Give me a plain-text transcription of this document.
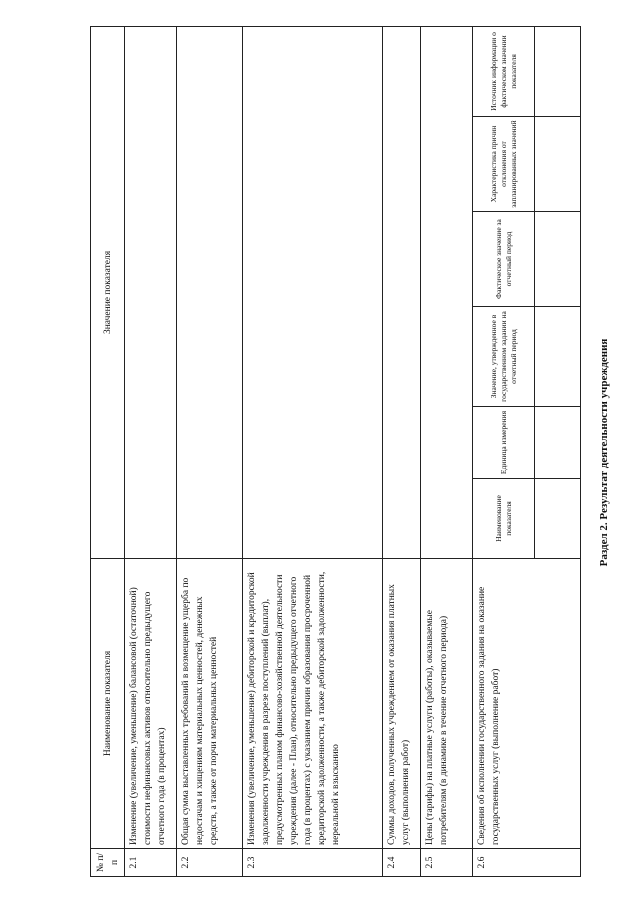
Раздел 2. Результат деятельности учреждения
№ п/п	Наименование показателя	Значение показателя					
2.1	Изменение (увеличение, уменьшение) балансовой (остаточной) стоимости нефинансовых активов относительно предыдущего отчетного года (в процентах)						
2.2	Общая сумма выставленных требований в возмещение ущерба по недостачам и хищениям материальных ценностей, денежных средств, а также от порчи материальных ценностей						
2.3	Изменения (увеличение, уменьшение) дебиторской и кредиторской задолженности учреждения в разрезе поступлений (выплат), предусмотренных планом финансово-хозяйственной деятельности учреждения (далее - План), относительно предыдущего отчетного года (в процентах) с указанием причин образования просроченной кредиторской задолженности, а также дебиторской задолженности, нереальной к взысканию						
2.4	Суммы доходов, полученных учреждением от оказания платных услуг (выполнения работ)						
2.5	Цены (тарифы) на платные услуги (работы), оказываемые потребителям (в динамике в течение отчетного периода)						
2.6	Сведения об исполнении государственного задания на оказание государственных услуг (выполнение работ)	Наименование показателя	Единица измерения	Значение, утвержденное в государственном задании на отчетный период	Фактическое значение за отчетный период	Характеристика причин отклонения от запланированных значений	Источник информации о фактическом значении показателя
